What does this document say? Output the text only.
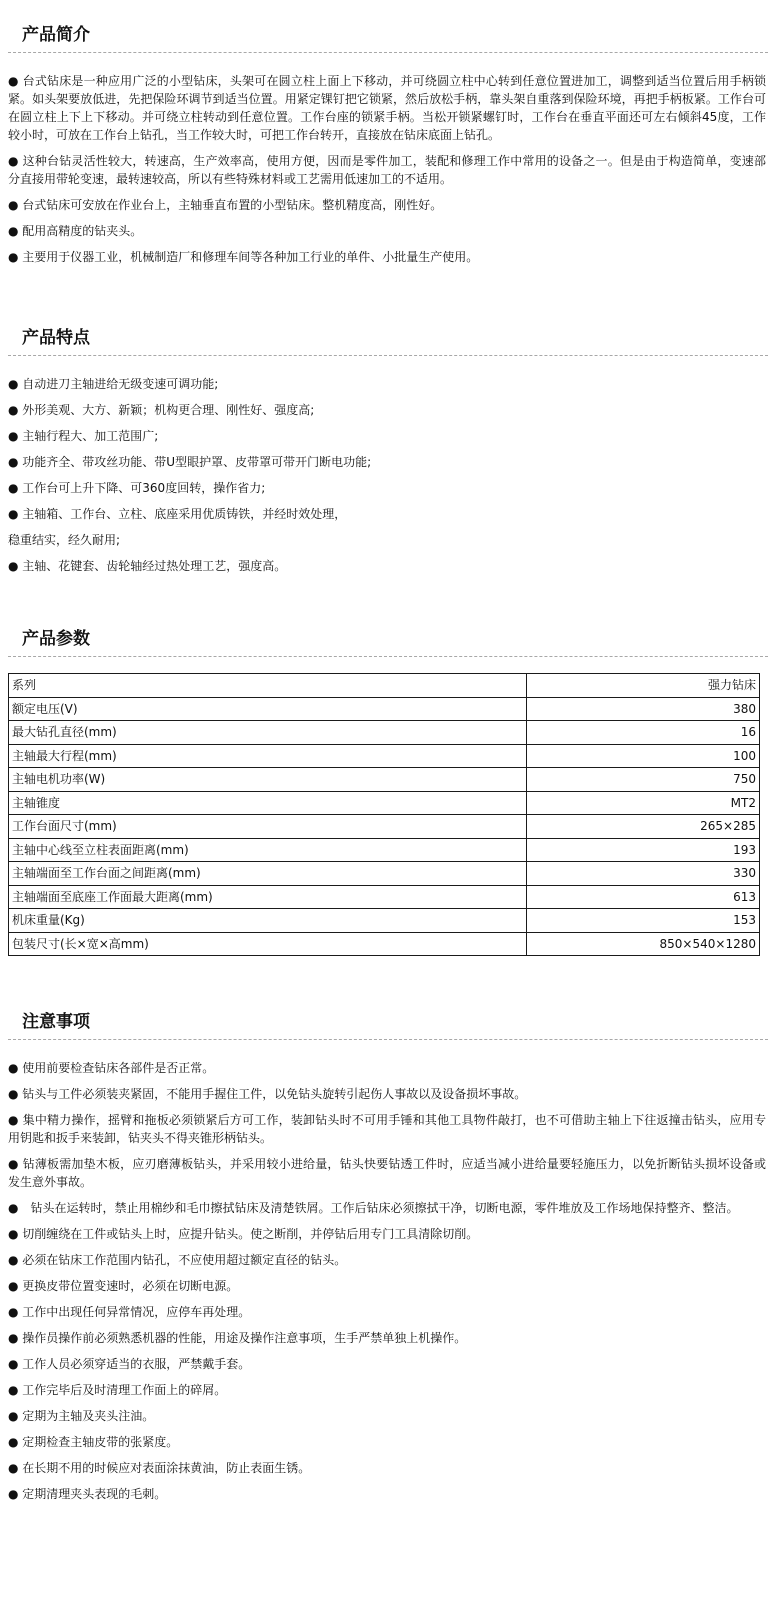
产品简介

● 台式钻床是一种应用广泛的小型钻床，头架可在圆立柱上面上下移动，并可绕圆立柱中心转到任意位置进加工，调整到适当位置后用手柄锁紧。如头架要放低进，先把保险环调节到适当位置。用紧定锞钉把它锁紧，然后放松手柄，靠头架自重落到保险环境，再把手柄板紧。工作台可在圆立柱上下上下移动。并可绕立柱转动到任意位置。工作台座的锁紧手柄。当松开锁紧螺钉时，工作台在垂直平面还可左右倾斜45度，工作较小时，可放在工作台上钻孔，当工作较大时，可把工作台转开，直接放在钻床底面上钻孔。

● 这种台钻灵活性较大，转速高，生产效率高，使用方便，因而是零件加工，装配和修理工作中常用的设备之一。但是由于构造简单，变速部分直接用带轮变速，最转速较高，所以有些特殊材料或工艺需用低速加工的不适用。

● 台式钻床可安放在作业台上，主轴垂直布置的小型钻床。整机精度高，刚性好。

● 配用高精度的钻夹头。

● 主要用于仪器工业，机械制造厂和修理车间等各种加工行业的单件、小批量生产使用。

产品特点

● 自动进刀主轴进给无级变速可调功能;

● 外形美观、大方、新颖；机构更合理、刚性好、强度高;

● 主轴行程大、加工范围广;

● 功能齐全、带攻丝功能、带U型眼护罩、皮带罩可带开门断电功能;

● 工作台可上升下降、可360度回转，操作省力;

● 主轴箱、工作台、立柱、底座采用优质铸铁，并经时效处理，

稳重结实，经久耐用;

● 主轴、花键套、齿轮轴经过热处理工艺，强度高。

产品参数
系列	强力钻床
额定电压(V)	380
最大钻孔直径(mm)	16
主轴最大行程(mm)	100
主轴电机功率(W)	750
主轴锥度	MT2
工作台面尺寸(mm)	265×285
主轴中心线至立柱表面距离(mm)	193
主轴端面至工作台面之间距离(mm)	330
主轴端面至底座工作面最大距离(mm)	613
机床重量(Kg)	153
包装尺寸(长×宽×高mm)	850×540×1280
注意事项

● 使用前要检查钻床各部件是否正常。

● 钻头与工件必须装夹紧固，不能用手握住工件，以免钻头旋转引起伤人事故以及设备损坏事故。

● 集中精力操作，摇臂和拖板必须锁紧后方可工作，装卸钻头时不可用手锤和其他工具物件敲打，也不可借助主轴上下往返撞击钻头，应用专用钥匙和扳手来装卸，钻夹头不得夹锥形柄钻头。

● 钻薄板需加垫木板，应刃磨薄板钻头，并采用较小进给量，钻头快要钻透工件时，应适当减小进给量要轻施压力，以免折断钻头损坏设备或发生意外事故。

●　钻头在运转时，禁止用棉纱和毛巾擦拭钻床及清楚铁屑。工作后钻床必须擦拭干净，切断电源，零件堆放及工作场地保持整齐、整洁。

● 切削缠绕在工件或钻头上时，应提升钻头。使之断削，并停钻后用专门工具清除切削。

● 必须在钻床工作范围内钻孔，不应使用超过额定直径的钻头。

● 更换皮带位置变速时，必须在切断电源。

● 工作中出现任何异常情况，应停车再处理。

● 操作员操作前必须熟悉机器的性能，用途及操作注意事项，生手严禁单独上机操作。

● 工作人员必须穿适当的衣服，严禁戴手套。

● 工作完毕后及时清理工作面上的碎屑。

● 定期为主轴及夹头注油。

● 定期检查主轴皮带的张紧度。

● 在长期不用的时候应对表面涂抹黄油，防止表面生锈。

● 定期清理夹头表现的毛刺。
